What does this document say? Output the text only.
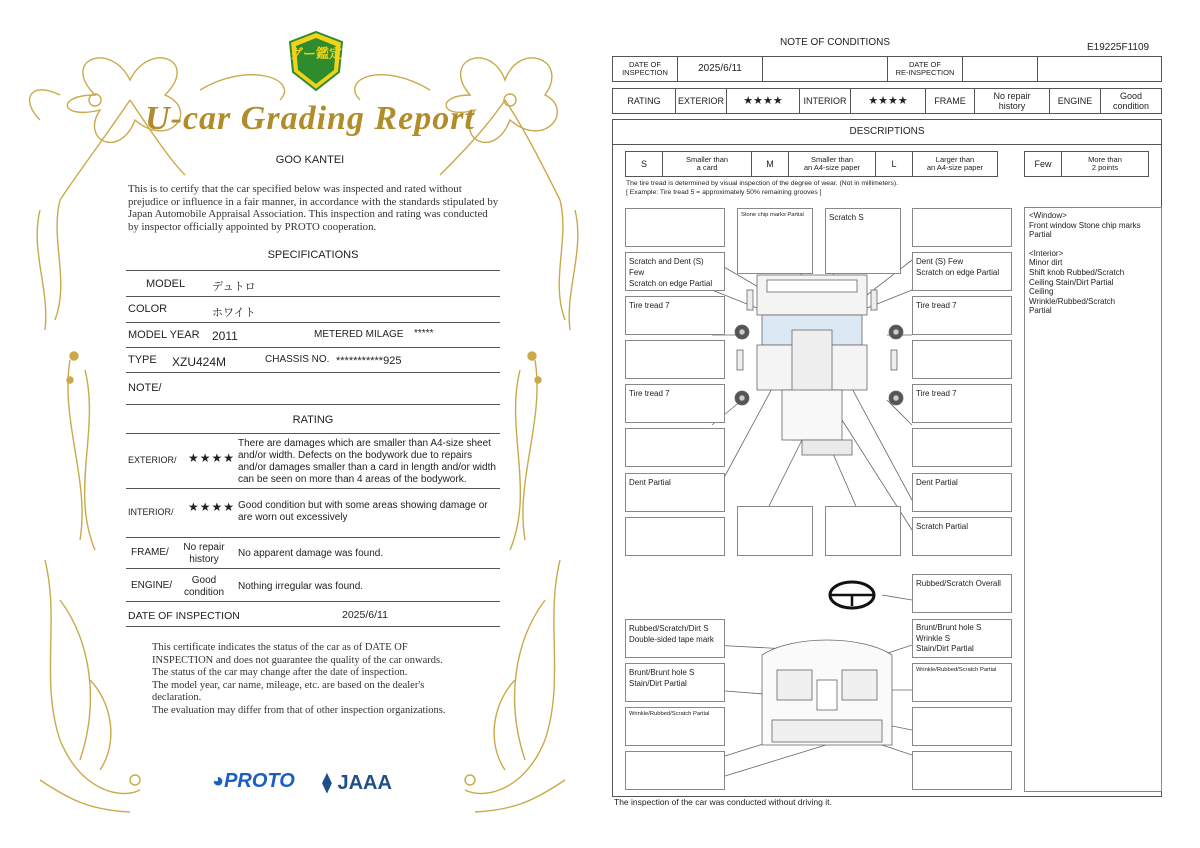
グー鑑定
U-car Grading Report
GOO KANTEI
This is to certify that the car specified below was inspected and rated without prejudice or influence in a fair manner, in accordance with the standards stipulated by Japan Automobile Appraisal Association. This inspection and rating was conducted by inspector officially appointed by PROTO cooperation.
SPECIFICATIONS
MODEL デュトロ
COLOR	ホワイト
MODEL YEAR 2011	METERED MILAGE *****
TYPE XZU424M	CHASSIS NO. ***********925
NOTE/
RATING
EXTERIOR/ ★★★★
There are damages which are smaller than A4-size sheet and/or width. Defects on the bodywork due to repairs and/or damages smaller than a card in length and/or width can be seen on more than 4 areas of the bodywork.
INTERIOR/ ★★★★ Good condition but with some areas showing damage or are worn out excessively
FRAME/	No repair
history
No apparent damage was found.
ENGINE/	Good
condition
Nothing irregular was found.
DATE OF INSPECTION	2025/6/11
This certificate indicates the status of the car as of DATE OF
INSPECTION and does not guarantee the quality of the car onwards.
The status of the car may change after the date of inspection.
The model year, car name, mileage, etc. are based on the dealer's
declaration.
The evaluation may differ from that of other inspection organizations.
◕PROTO ⧫ JAAA
NOTE OF CONDITIONS	E19225F1109
DATE OF
INSPECTION	2025/6/11	DATE OF
RE-INSPECTION
RATING	EXTERIOR	★★★★	INTERIOR	★★★★	FRAME	No repair
history	ENGINE	Good
condition
DESCRIPTIONS
S	Smaller than
a card	M	Smaller than
an A4-size paper	L	Larger than
an A4-size paper	Few	More than
2 points
The tire tread is determined by visual inspection of the degree of wear. (Not in millimeters).
[ Example: Tire tread 5 = approximately 50% remaining grooves ]
Scratch and Dent (S) Few
Scratch on edge Partial
Tire tread 7
Tire tread 7
Dent Partial
Stone chip marks Partial	Scratch S
Dent (S) Few
Scratch on edge Partial
Tire tread 7
Tire tread 7
Dent Partial
Scratch Partial
Rubbed/Scratch Overall
Rubbed/Scratch/Dirt S
Double-sided tape mark
Brunt/Brunt hole S
Wrinkle S
Stain/Dirt Partial
Brunt/Brunt hole S
Stain/Dirt Partial
Wrinkle/Rubbed/Scratch Partial
Wrinkle/Rubbed/Scratch Partial
<Window>
Front window Stone chip marks
Partial
<Interior>
Minor dirt
Shift knob Rubbed/Scratch
Ceiling Stain/Dirt Partial
Ceiling
Wrinkle/Rubbed/Scratch
Partial
The inspection of the car was conducted without driving it.
